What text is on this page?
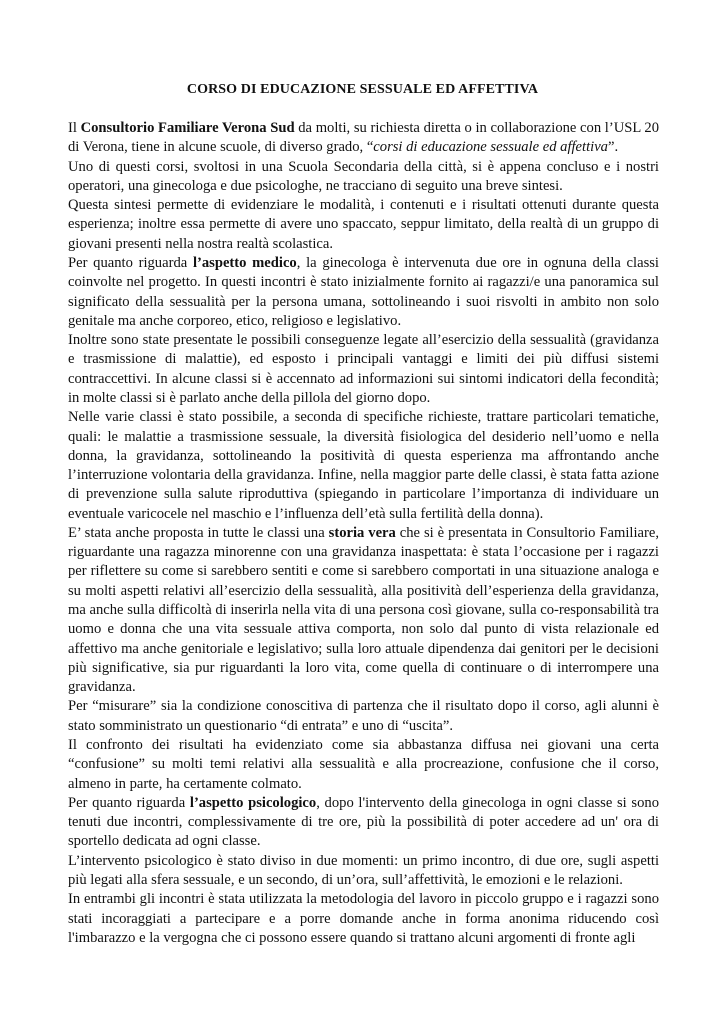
CORSO DI EDUCAZIONE SESSUALE ED AFFETTIVA

Il Consultorio Familiare Verona Sud da molti, su richiesta diretta o in collaborazione con l’USL 20 di Verona, tiene in alcune scuole, di diverso grado, “corsi di educazione sessuale ed affettiva”.

Uno di questi corsi, svoltosi in una Scuola Secondaria della città, si è appena concluso e i nostri operatori, una ginecologa e due psicologhe, ne tracciano di seguito una breve sintesi.

Questa sintesi permette di evidenziare le modalità, i contenuti e i risultati ottenuti durante questa esperienza; inoltre essa permette di avere uno spaccato, seppur limitato, della realtà di un gruppo di giovani presenti nella nostra realtà scolastica.

Per quanto riguarda l’aspetto medico, la ginecologa è intervenuta due ore in ognuna della classi coinvolte nel progetto. In questi incontri è stato inizialmente fornito ai ragazzi/e una panoramica sul significato della sessualità per la persona umana, sottolineando i suoi risvolti in ambito non solo genitale ma anche corporeo, etico, religioso e legislativo.

Inoltre sono state presentate le possibili conseguenze legate all’esercizio della sessualità (gravidanza e trasmissione di malattie), ed esposto i principali vantaggi e limiti dei più diffusi sistemi contraccettivi. In alcune classi si è accennato ad informazioni sui sintomi indicatori della fecondità; in molte classi si è parlato anche della pillola del giorno dopo.

Nelle varie classi è stato possibile, a seconda di specifiche richieste, trattare particolari tematiche, quali: le malattie a trasmissione sessuale, la diversità fisiologica del desiderio nell’uomo e nella donna, la gravidanza, sottolineando la positività di questa esperienza ma affrontando anche l’interruzione volontaria della gravidanza. Infine, nella maggior parte delle classi, è stata fatta azione di prevenzione sulla salute riproduttiva (spiegando in particolare l’importanza di individuare un eventuale varicocele nel maschio e l’influenza dell’età sulla fertilità della donna).

E’ stata anche proposta in tutte le classi una storia vera che si è presentata in Consultorio Familiare, riguardante una ragazza minorenne con una gravidanza inaspettata: è stata l’occasione per i ragazzi per riflettere su come si sarebbero sentiti e come si sarebbero comportati in una situazione analoga e su molti aspetti relativi all’esercizio della sessualità, alla positività dell’esperienza della gravidanza, ma anche sulla difficoltà di inserirla nella vita di una persona così giovane, sulla co-responsabilità tra uomo e donna che una vita sessuale attiva comporta, non solo dal punto di vista relazionale ed affettivo ma anche genitoriale e legislativo; sulla loro attuale dipendenza dai genitori per le decisioni più significative, sia pur riguardanti la loro vita, come quella di continuare o di interrompere una gravidanza.

Per “misurare” sia la condizione conoscitiva di partenza che il risultato dopo il corso, agli alunni è stato somministrato un questionario “di entrata” e uno di “uscita”.

Il confronto dei risultati ha evidenziato come sia abbastanza diffusa nei giovani una certa “confusione” su molti temi relativi alla sessualità e alla procreazione, confusione che il corso, almeno in parte, ha certamente colmato.

Per quanto riguarda l’aspetto psicologico, dopo l'intervento della ginecologa in ogni classe si sono tenuti due incontri, complessivamente di tre ore, più la possibilità di poter accedere ad un' ora di sportello dedicata ad ogni classe.

L’intervento psicologico è stato diviso in due momenti: un primo incontro, di due ore, sugli aspetti più legati alla sfera sessuale, e un secondo, di un’ora, sull’affettività, le emozioni e le relazioni.

In entrambi gli incontri è stata utilizzata la metodologia del lavoro in piccolo gruppo e i ragazzi sono stati incoraggiati a partecipare e a porre domande anche in forma anonima riducendo così l'imbarazzo e la vergogna che ci possono essere quando si trattano alcuni argomenti di fronte agli
